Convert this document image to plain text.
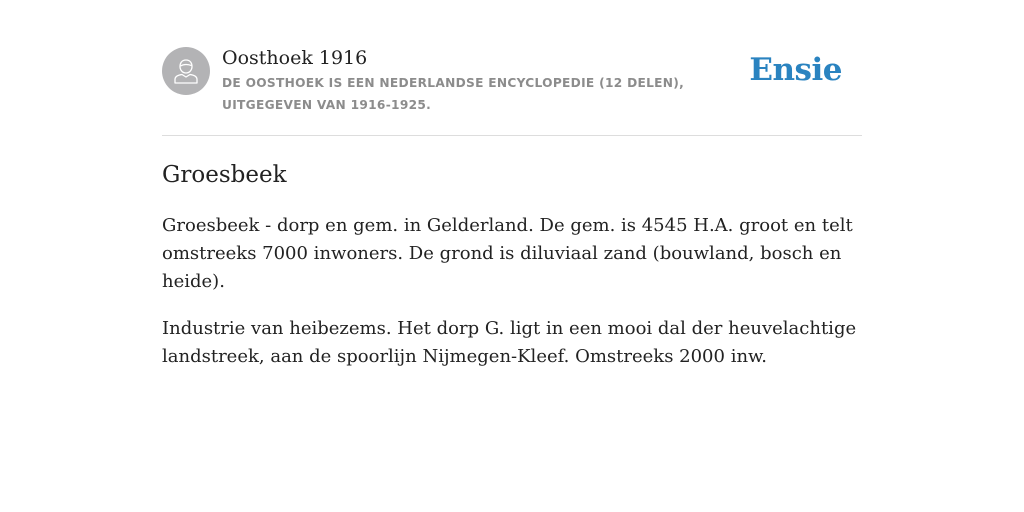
Oosthoek 1916
DE OOSTHOEK IS EEN NEDERLANDSE ENCYCLOPEDIE (12 DELEN), UITGEGEVEN VAN 1916-1925.
Ensie
Groesbeek

Groesbeek - dorp en gem. in Gelderland. De gem. is 4545 H.A. groot en telt omstreeks 7000 inwoners. De grond is diluviaal zand (bouwland, bosch en heide).

Industrie van heibezems. Het dorp G. ligt in een mooi dal der heuvelachtige landstreek, aan de spoorlijn Nijmegen-Kleef. Omstreeks 2000 inw.
